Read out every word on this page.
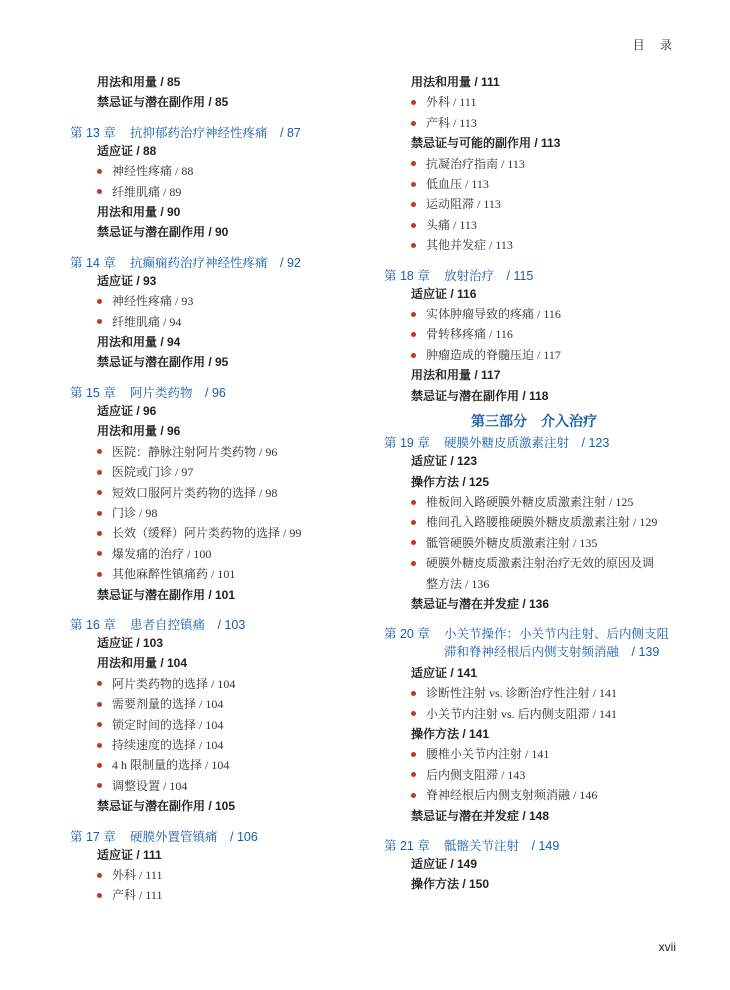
目 录
用法和用量 / 85
禁忌证与潜在副作用 / 85
第 13 章	抗抑郁药治疗神经性疼痛　/ 87
适应证 / 88
神经性疼痛 / 88
纤维肌痛 / 89
用法和用量 / 90
禁忌证与潜在副作用 / 90
第 14 章	抗癫痫药治疗神经性疼痛　/ 92
适应证 / 93
神经性疼痛 / 93
纤维肌痛 / 94
用法和用量 / 94
禁忌证与潜在副作用 / 95
第 15 章	阿片类药物　/ 96
适应证 / 96
用法和用量 / 96
医院：静脉注射阿片类药物 / 96
医院或门诊 / 97
短效口服阿片类药物的选择 / 98
门诊 / 98
长效（缓释）阿片类药物的选择 / 99
爆发痛的治疗 / 100
其他麻醉性镇痛药 / 101
禁忌证与潜在副作用 / 101
第 16 章	患者自控镇痛　/ 103
适应证 / 103
用法和用量 / 104
阿片类药物的选择 / 104
需要剂量的选择 / 104
锁定时间的选择 / 104
持续速度的选择 / 104
4 h 限制量的选择 / 104
调整设置 / 104
禁忌证与潜在副作用 / 105
第 17 章	硬膜外置管镇痛　/ 106
适应证 / 111
外科 / 111
产科 / 111
用法和用量 / 111
外科 / 111
产科 / 113
禁忌证与可能的副作用 / 113
抗凝治疗指南 / 113
低血压 / 113
运动阻滞 / 113
头痛 / 113
其他并发症 / 113
第 18 章	放射治疗　/ 115
适应证 / 116
实体肿瘤导致的疼痛 / 116
骨转移疼痛 / 116
肿瘤造成的脊髓压迫 / 117
用法和用量 / 117
禁忌证与潜在副作用 / 118
第三部分　介入治疗
第 19 章	硬膜外糖皮质激素注射　/ 123
适应证 / 123
操作方法 / 125
椎板间入路硬膜外糖皮质激素注射 / 125
椎间孔入路腰椎硬膜外糖皮质激素注射 / 129
骶管硬膜外糖皮质激素注射 / 135
硬膜外糖皮质激素注射治疗无效的原因及调
整方法 / 136
禁忌证与潜在并发症 / 136
第 20 章	小关节操作：小关节内注射、后内侧支阻
滞和脊神经根后内侧支射频消融　/ 139
适应证 / 141
诊断性注射 vs. 诊断治疗性注射 / 141
小关节内注射 vs. 后内侧支阻滞 / 141
操作方法 / 141
腰椎小关节内注射 / 141
后内侧支阻滞 / 143
脊神经根后内侧支射频消融 / 146
禁忌证与潜在并发症 / 148
第 21 章	骶髂关节注射　/ 149
适应证 / 149
操作方法 / 150
xvii
